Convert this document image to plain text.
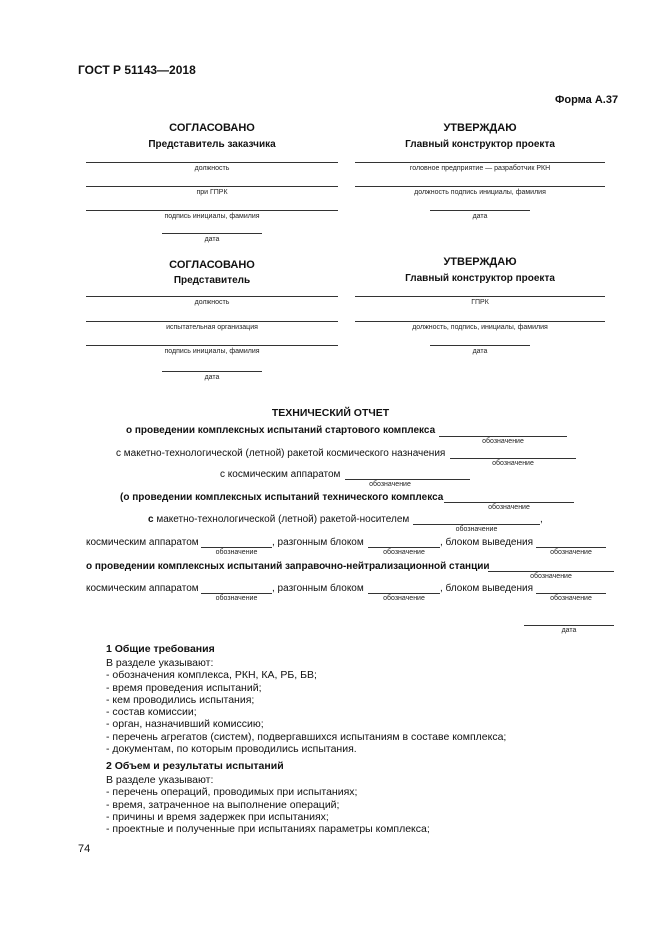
ГОСТ Р 51143—2018
Форма А.37
СОГЛАСОВАНО
Представитель заказчика
должность
при ГПРК
подпись инициалы, фамилия
дата
УТВЕРЖДАЮ
Главный конструктор проекта
головное предприятие — разработчик РКН
должность подпись инициалы, фамилия
дата
СОГЛАСОВАНО
Представитель
должность
испытательная организация
подпись инициалы, фамилия
дата
УТВЕРЖДАЮ
Главный конструктор проекта
ГПРК
должность, подпись, инициалы, фамилия
дата
ТЕХНИЧЕСКИЙ ОТЧЕТ
о проведении комплексных испытаний стартового комплекса
обозначение
с макетно-технологической (летной) ракетой космического назначения
обозначение
с космическим аппаратом
обозначение
(о проведении комплексных испытаний технического комплекса
обозначение
с макетно-технологической (летной) ракетой-носителем	,
обозначение
космическим аппаратом
обозначение
, разгонным блоком
обозначение
, блоком выведения
обозначение
о проведении комплексных испытаний заправочно-нейтрализационной станции
обозначение
космическим аппаратом
обозначение
, разгонным блоком
обозначение
, блоком выведения
обозначение
дата
1 Общие требования
В разделе указывают:
- обозначения комплекса, РКН, КА, РБ, БВ;
- время проведения испытаний;
- кем проводились испытания;
- состав комиссии;
- орган, назначивший комиссию;
- перечень агрегатов (систем), подвергавшихся испытаниям в составе комплекса;
- документам, по которым проводились испытания.
2 Объем и результаты испытаний
В разделе указывают:
- перечень операций, проводимых при испытаниях;
- время, затраченное на выполнение операций;
- причины и время задержек при испытаниях;
- проектные и полученные при испытаниях параметры комплекса;
74
